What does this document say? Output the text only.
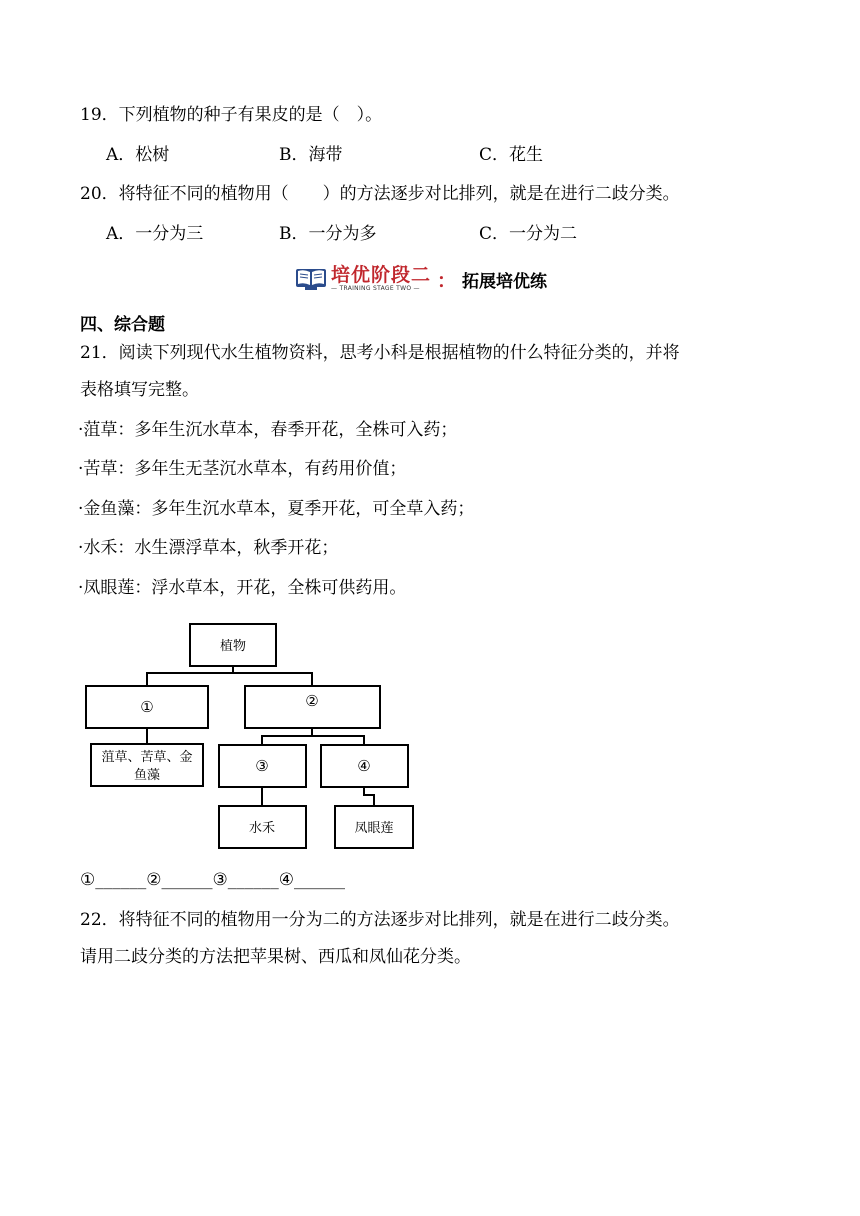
19．下列植物的种子有果皮的是（　）。
A．松树	B．海带	C．花生
20．将特征不同的植物用（　　）的方法逐步对比排列，就是在进行二歧分类。
A．一分为三	B．一分为多	C．一分为二
培优阶段二
— TRAINING STAGE TWO — ： 拓展培优练
四、综合题
21．阅读下列现代水生植物资料，思考小科是根据植物的什么特征分类的，并将
表格填写完整。
·菹草：多年生沉水草本，春季开花，全株可入药；
·苦草：多年生无茎沉水草本，有药用价值；
·金鱼藻：多年生沉水草本，夏季开花，可全草入药；
·水禾：水生漂浮草本，秋季开花；
·凤眼莲：浮水草本，开花，全株可供药用。
植物
①	②
菹草、苦草、金
鱼藻
③	④
水禾	凤眼莲
①______②______③______④______
22．将特征不同的植物用一分为二的方法逐步对比排列，就是在进行二歧分类。
请用二歧分类的方法把苹果树、西瓜和凤仙花分类。
